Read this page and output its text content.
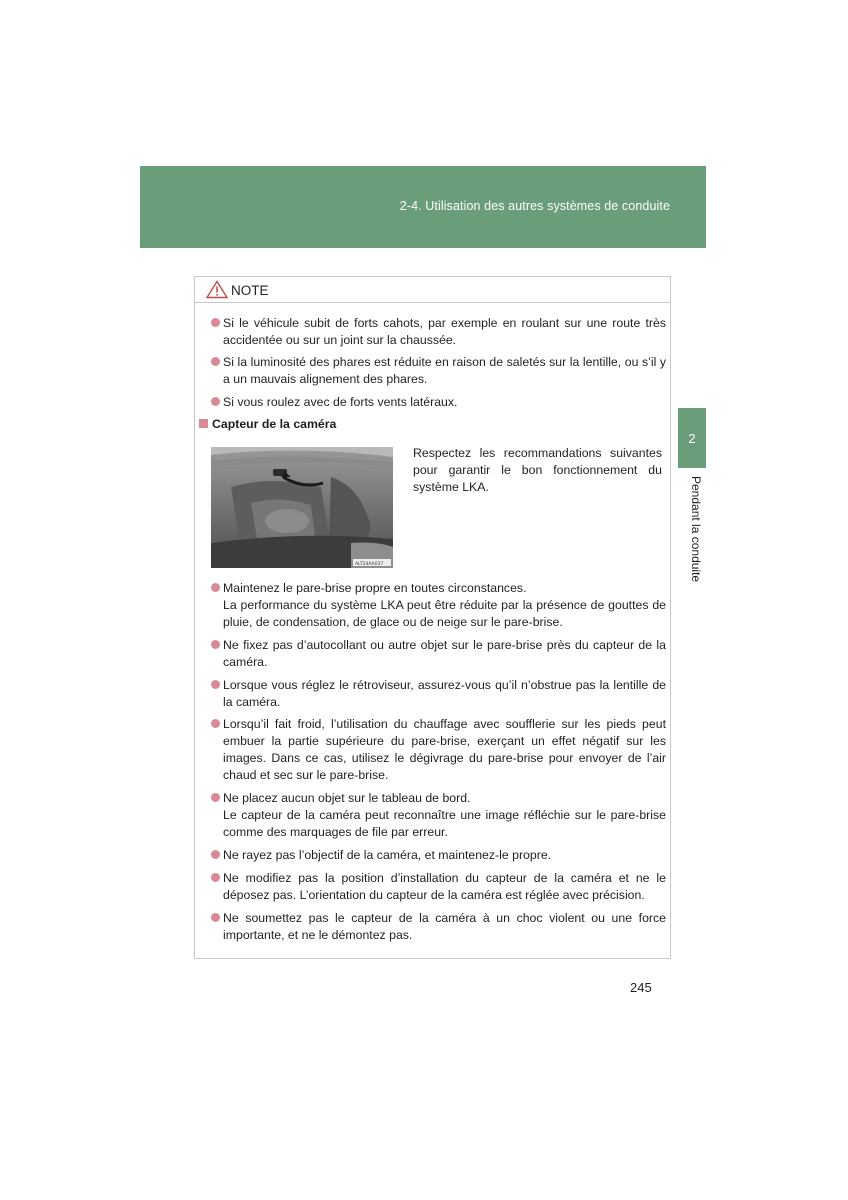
2-4. Utilisation des autres systèmes de conduite
2
Pendant la conduite
NOTE
Si le véhicule subit de forts cahots, par exemple en roulant sur une route très accidentée ou sur un joint sur la chaussée.
Si la luminosité des phares est réduite en raison de saletés sur la lentille, ou s’il y a un mauvais alignement des phares.
Si vous roulez avec de forts vents latéraux.
Capteur de la caméra
ALT24AA037
Respectez les recommandations suivantes pour garantir le bon fonctionnement du système LKA.
Maintenez le pare-brise propre en toutes circonstances.
La performance du système LKA peut être réduite par la présence de gouttes de pluie, de condensation, de glace ou de neige sur le pare-brise.
Ne fixez pas d’autocollant ou autre objet sur le pare-brise près du capteur de la caméra.
Lorsque vous réglez le rétroviseur, assurez-vous qu’il n’obstrue pas la lentille de la caméra.
Lorsqu’il fait froid, l’utilisation du chauffage avec soufflerie sur les pieds peut embuer la partie supérieure du pare-brise, exerçant un effet négatif sur les images. Dans ce cas, utilisez le dégivrage du pare-brise pour envoyer de l’air chaud et sec sur le pare-brise.
Ne placez aucun objet sur le tableau de bord.
Le capteur de la caméra peut reconnaître une image réfléchie sur le pare-brise comme des marquages de file par erreur.
Ne rayez pas l’objectif de la caméra, et maintenez-le propre.
Ne modifiez pas la position d’installation du capteur de la caméra et ne le déposez pas. L’orientation du capteur de la caméra est réglée avec précision.
Ne soumettez pas le capteur de la caméra à un choc violent ou une force importante, et ne le démontez pas.
245
